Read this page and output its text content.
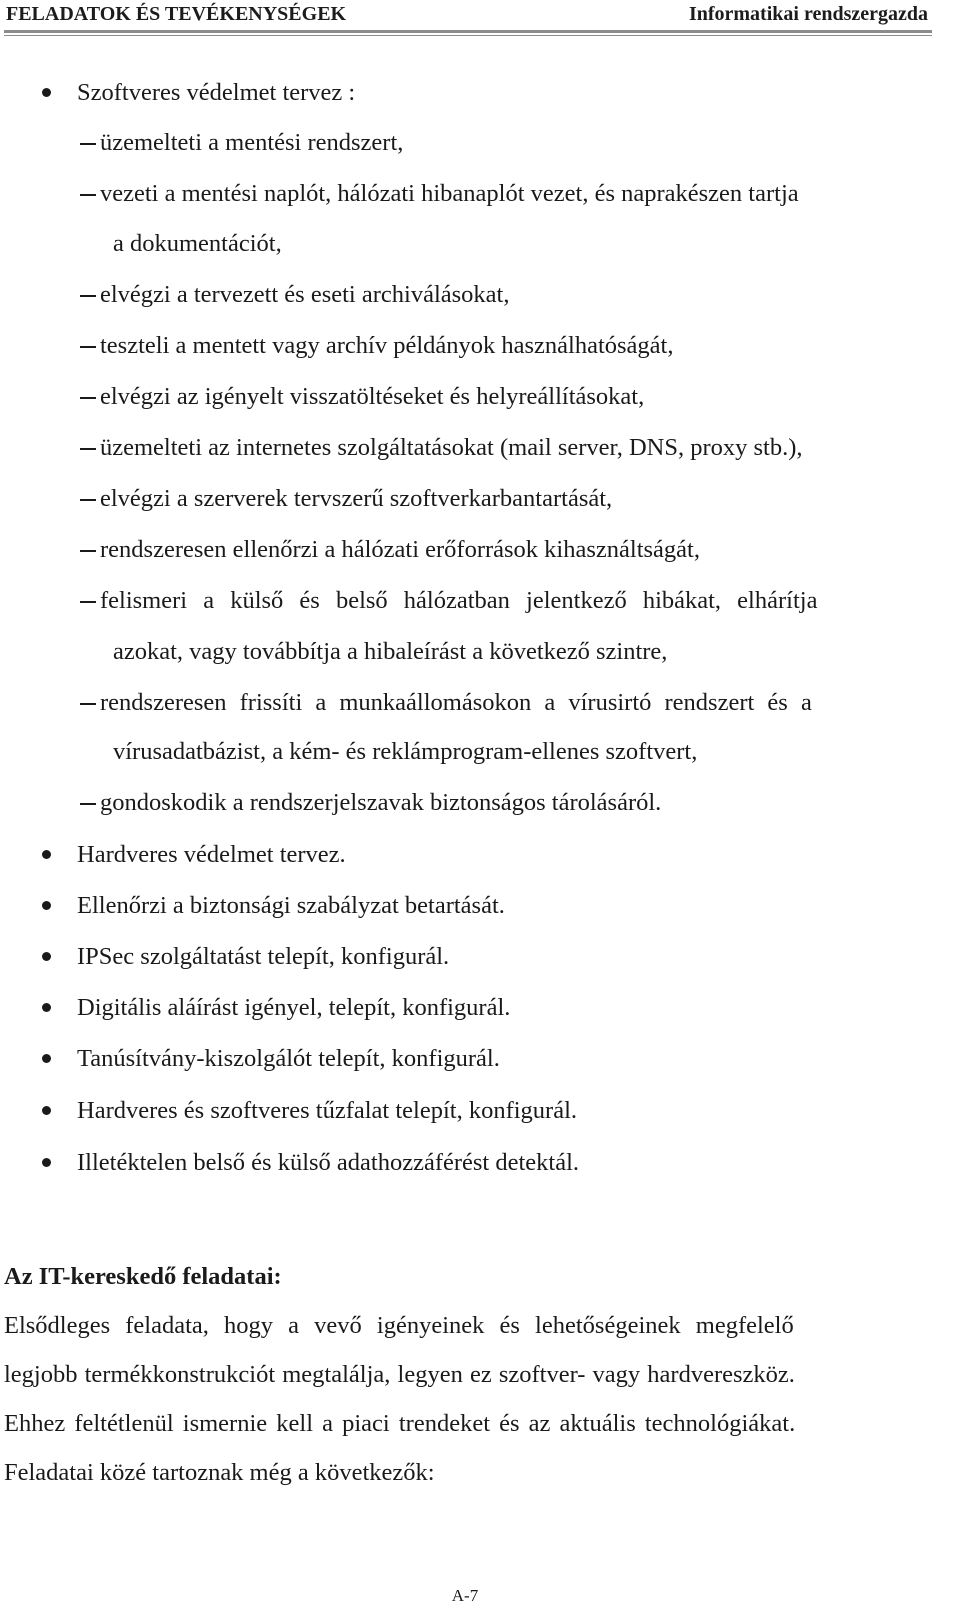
FELADATOK ÉS TEVÉKENYSÉGEK	Informatikai rendszergazda
Szoftveres védelmet tervez :
üzemelteti a mentési rendszert,
vezeti a mentési naplót, hálózati hibanaplót vezet, és naprakészen tartja
a dokumentációt,
elvégzi a tervezett és eseti archiválásokat,
teszteli a mentett vagy archív példányok használhatóságát,
elvégzi az igényelt visszatöltéseket és helyreállításokat,
üzemelteti az internetes szolgáltatásokat (mail server, DNS, proxy stb.),
elvégzi a szerverek tervszerű szoftverkarbantartását,
rendszeresen ellenőrzi a hálózati erőforrások kihasználtságát,
felismeri a külső és belső hálózatban jelentkező hibákat, elhárítja
azokat, vagy továbbítja a hibaleírást a következő szintre,
rendszeresen frissíti a munkaállomásokon a vírusirtó rendszert és a
vírusadatbázist, a kém- és reklámprogram-ellenes szoftvert,
gondoskodik a rendszerjelszavak biztonságos tárolásáról.
Hardveres védelmet tervez.
Ellenőrzi a biztonsági szabályzat betartását.
IPSec szolgáltatást telepít, konfigurál.
Digitális aláírást igényel, telepít, konfigurál.
Tanúsítvány-kiszolgálót telepít, konfigurál.
Hardveres és szoftveres tűzfalat telepít, konfigurál.
Illetéktelen belső és külső adathozzáférést detektál.
Az IT-kereskedő feladatai:
Elsődleges feladata, hogy a vevő igényeinek és lehetőségeinek megfelelő
legjobb termékkonstrukciót megtalálja, legyen ez szoftver- vagy hardvereszköz.
Ehhez feltétlenül ismernie kell a piaci trendeket és az aktuális technológiákat.
Feladatai közé tartoznak még a következők:
A-7
